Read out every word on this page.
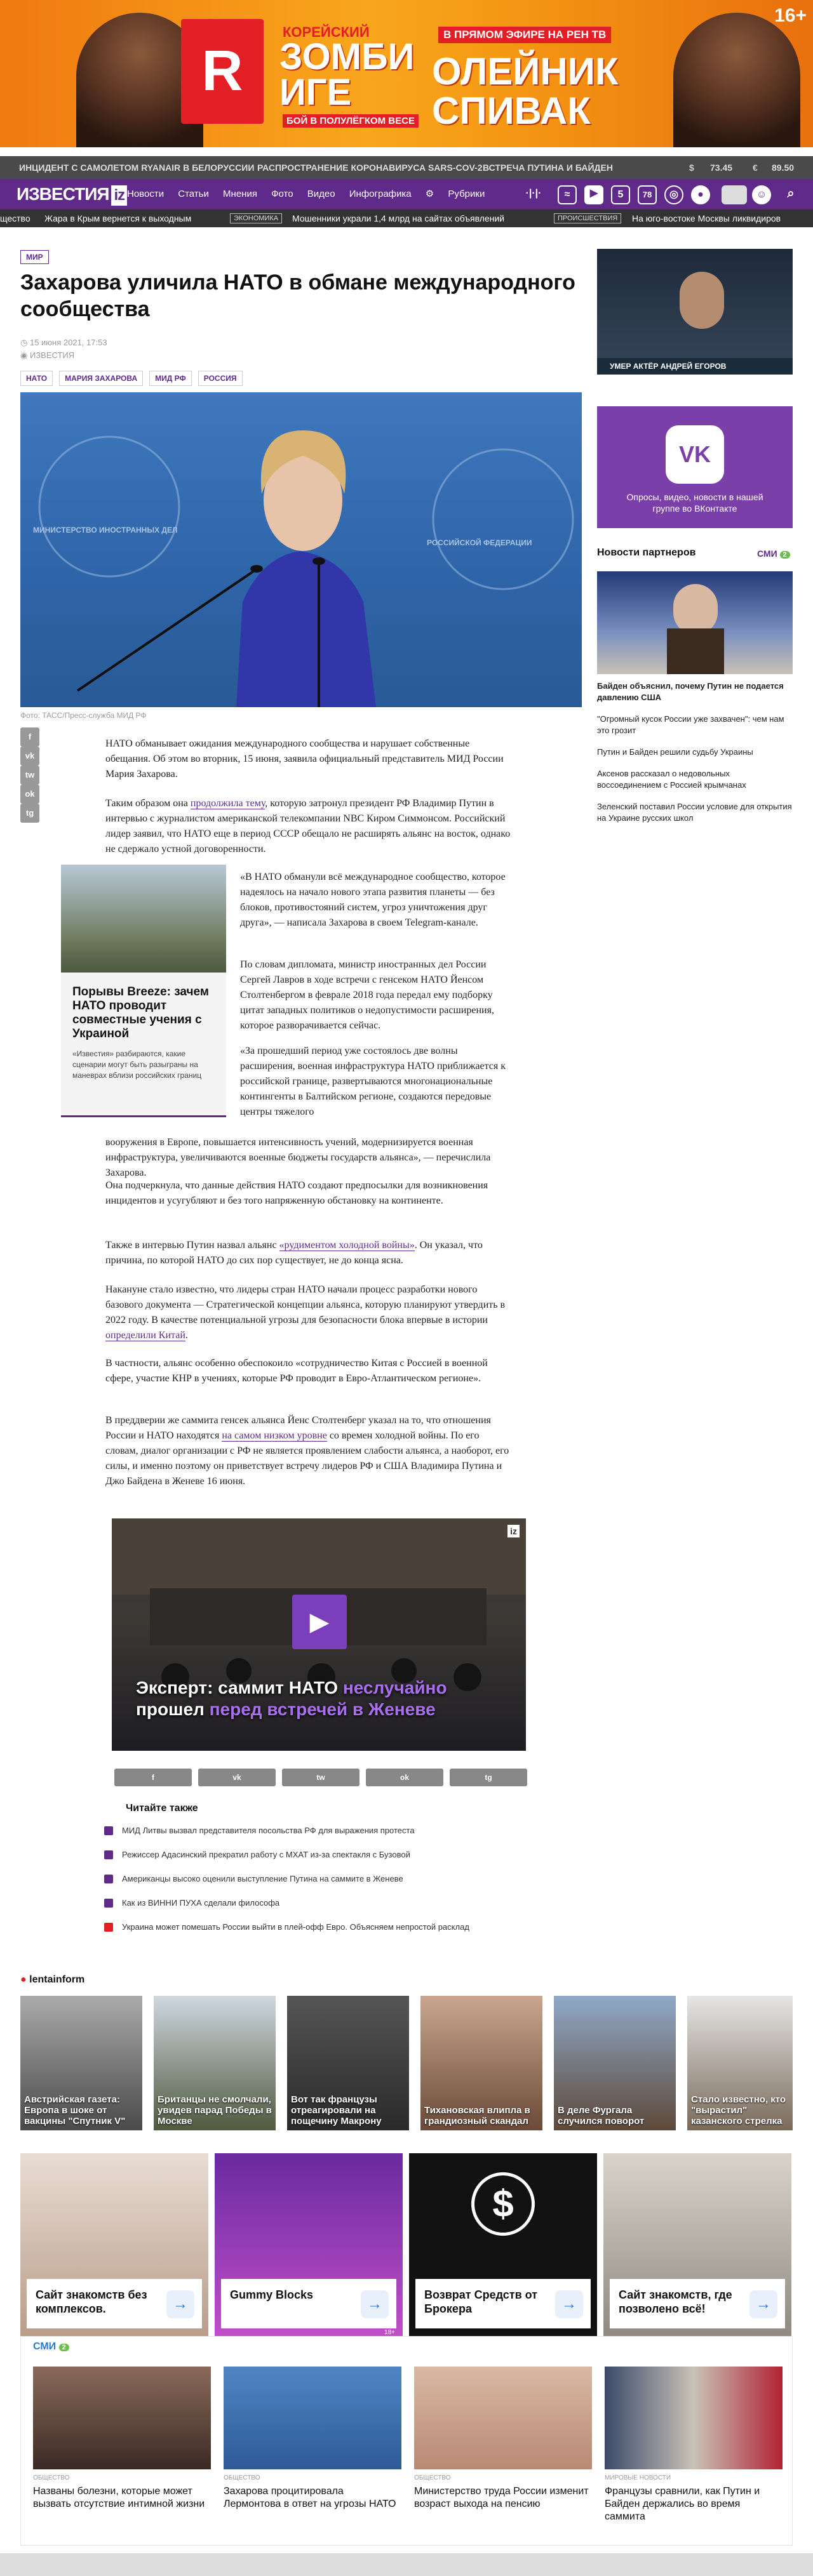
R
КОРЕЙСКИЙ
ЗОМБИ
ИГЕ
БОЙ В ПОЛУЛЁГКОМ ВЕСЕ
В ПРЯМОМ ЭФИРЕ НА РЕН ТВ
ОЛЕЙНИК
СПИВАК
16+
ИНЦИДЕНТ С САМОЛЕТОМ RYANAIR В БЕЛОРУССИИ РАСПРОСТРАНЕНИЕ КОРОНАВИРУСА SARS-COV-2 ВСТРЕЧА ПУТИНА И БАЙДЕН	$ 73.45 € 89.50
ИЗВЕСТИЯ iz Новости Статьи Мнения Фото Видео Инфографика ⚙ Рубрики	·|·|·	≈	▶	5	78	◎	●	☺	⌕
щество Жара в Крым вернется к выходным	ЭКОНОМИКА	Мошенники украли 1,4 млрд на сайтах объявлений	ПРОИСШЕСТВИЯ	На юго-востоке Москвы ликвидиров
МИР
Захарова уличила НАТО в обмане международного сообщества
◷ 15 июня 2021, 17:53
◉ ИЗВЕСТИЯ
НАТО МАРИЯ ЗАХАРОВА МИД РФ РОССИЯ
МИНИСТЕРСТВО ИНОСТРАННЫХ ДЕЛ
РОССИЙСКОЙ ФЕДЕРАЦИИ
Фото: ТАСС/Пресс-служба МИД РФ
f
vk
tw
ok
tg

НАТО обманывает ожидания международного сообщества и нарушает собственные обещания. Об этом во вторник, 15 июня, заявила официальный представитель МИД России Мария Захарова.

Таким образом она продолжила тему, которую затронул президент РФ Владимир Путин в интервью с журналистом американской телекомпании NBC Киром Симмонсом. Российский лидер заявил, что НАТО еще в период СССР обещало не расширять альянс на восток, однако не сдержало устной договоренности.

Порывы Breeze: зачем НАТО проводит совместные учения с Украиной
«Известия» разбираются, какие сценарии могут быть разыграны на маневрах вблизи российских границ

«В НАТО обманули всё международное сообщество, которое надеялось на начало нового этапа развития планеты — без блоков, противостояний систем, угроз уничтожения друг друга», — написала Захарова в своем Telegram-канале.

По словам дипломата, министр иностранных дел России Сергей Лавров в ходе встречи с генсеком НАТО Йенсом Столтенбергом в феврале 2018 года передал ему подборку цитат западных политиков о недопустимости расширения, которое разворачивается сейчас.

«За прошедший период уже состоялось две волны расширения, военная инфраструктура НАТО приближается к российской границе, развертываются многонациональные контингенты в Балтийском регионе, создаются передовые центры тяжелого

вооружения в Европе, повышается интенсивность учений, модернизируется военная инфраструктура, увеличиваются военные бюджеты государств альянса», — перечислила Захарова.

Она подчеркнула, что данные действия НАТО создают предпосылки для возникновения инцидентов и усугубляют и без того напряженную обстановку на континенте.

Также в интервью Путин назвал альянс «рудиментом холодной войны». Он указал, что причина, по которой НАТО до сих пор существует, не до конца ясна.

Накануне стало известно, что лидеры стран НАТО начали процесс разработки нового базового документа — Стратегической концепции альянса, которую планируют утвердить в 2022 году. В качестве потенциальной угрозы для безопасности блока впервые в истории определили Китай.

В частности, альянс особенно обеспокоило «сотрудничество Китая с Россией в военной сфере, участие КНР в учениях, которые РФ проводит в Евро-Атлантическом регионе».

В преддверии же саммита генсек альянса Йенс Столтенберг указал на то, что отношения России и НАТО находятся на самом низком уровне со времен холодной войны. По его словам, диалог организации с РФ не является проявлением слабости альянса, а наоборот, его силы, и именно поэтому он приветствует встречу лидеров РФ и США Владимира Путина и Джо Байдена в Женеве 16 июня.

▶
iz
Эксперт: саммит НАТО неслучайно
прошел перед встречей в Женеве
f	vk	tw	ok	tg
Читайте также
МИД Литвы вызвал представителя посольства РФ для выражения протеста
Режиссер Адасинский прекратил работу с МХАТ из-за спектакля с Бузовой
Американцы высоко оценили выступление Путина на саммите в Женеве
Как из ВИННИ ПУХА сделали философа
Украина может помешать России выйти в плей-офф Евро. Объясняем непростой расклад
УМЕР АКТЁР АНДРЕЙ ЕГОРОВ
VK
Опросы, видео, новости в нашей группе во ВКонтакте
Новости партнеров	СМИ 2
Байден объяснил, почему Путин не подается давлению США
"Огромный кусок России уже захвачен": чем нам это грозит
Путин и Байден решили судьбу Украины
Аксенов рассказал о недовольных воссоединением с Россией крымчанах
Зеленский поставил России условие для открытия на Украине русских школ
● lentainform
Австрийская газета: Европа в шоке от вакцины "Спутник V"
Британцы не смолчали, увидев парад Победы в Москве
Вот так французы отреагировали на пощечину Макрону
Тихановская влипла в грандиозный скандал
В деле Фургала случился поворот
Стало известно, кто "вырастил" казанского стрелка
Сайт знакомств без комплексов.	→
Gummy Blocks
→
18+
$
Возврат Средств от Брокера	→
Сайт знакомств, где позволено всё!	→
СМИ 2
ОБЩЕСТВО
Названы болезни, которые может вызвать отсутствие интимной жизни
ОБЩЕСТВО
Захарова процитировала Лермонтова в ответ на угрозы НАТО
ОБЩЕСТВО
Министерство труда России изменит возраст выхода на пенсию
МИРОВЫЕ НОВОСТИ
Французы сравнили, как Путин и Байден держались во время саммита
